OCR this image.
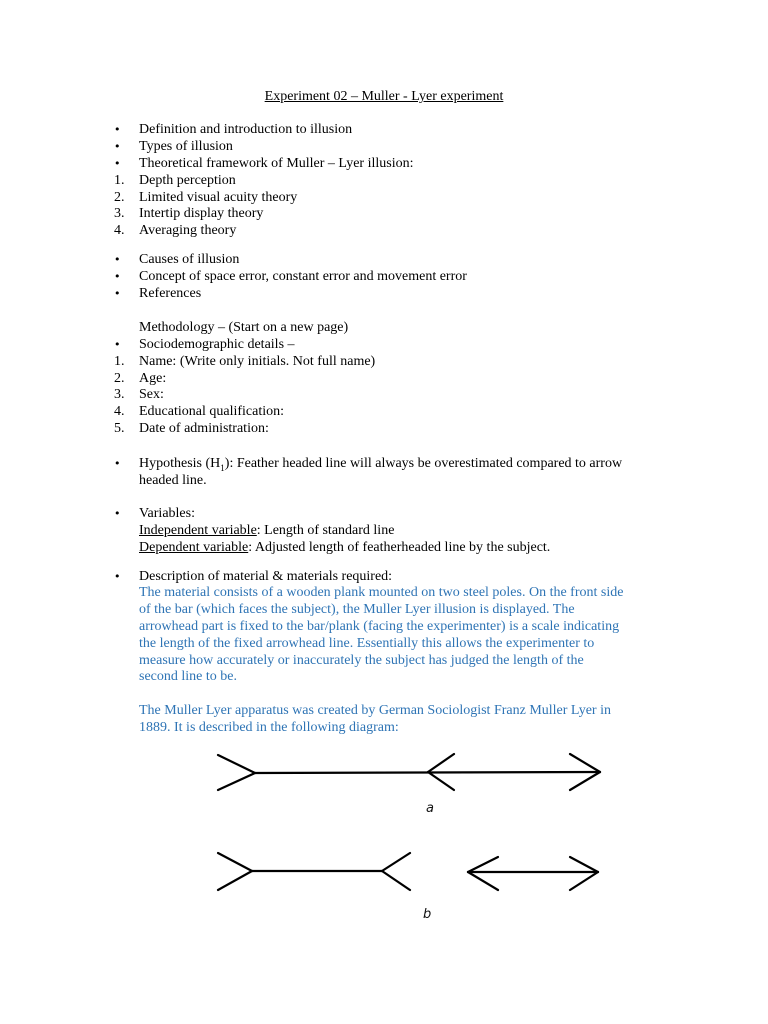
Experiment 02 – Muller - Lyer experiment
•	Definition and introduction to illusion
•	Types of illusion
•	Theoretical framework of Muller – Lyer illusion:
1.	Depth perception
2.	Limited visual acuity theory
3.	Intertip display theory
4.	Averaging theory
•	Causes of illusion
•	Concept of space error, constant error and movement error
•	References
Methodology – (Start on a new page)
•	Sociodemographic details –
1.	Name: (Write only initials. Not full name)
2.	Age:
3.	Sex:
4.	Educational qualification:
5.	Date of administration:
•	Hypothesis $(H_1)$: Feather headed line will always be overestimated compared to arrow
headed line.
•	Variables:
Independent variable: Length of standard line
Dependent variable: Adjusted length of featherheaded line by the subject.
•	Description of material & materials required:
The material consists of a wooden plank mounted on two steel poles. On the front side
of the bar (which faces the subject), the Muller Lyer illusion is displayed. The
arrowhead part is fixed to the bar/plank (facing the experimenter) is a scale indicating
the length of the fixed arrowhead line. Essentially this allows the experimenter to
measure how accurately or inaccurately the subject has judged the length of the
second line to be.
The Muller Lyer apparatus was created by German Sociologist Franz Muller Lyer in
1889. It is described in the following diagram:
a
b
